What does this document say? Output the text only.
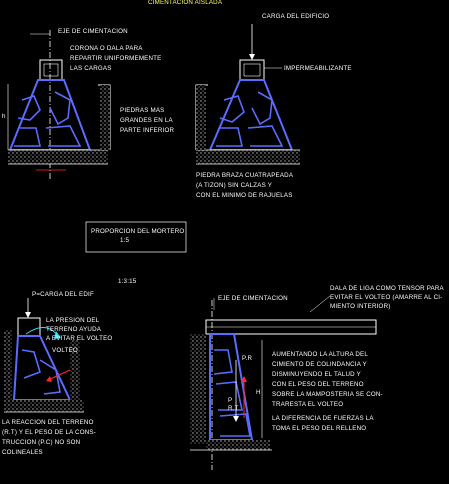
CIMENTACION AISLADA
h
EJE DE CIMENTACION
CORONA O DALA PARA
REPARTIR UNIFORMEMENTE
LAS CARGAS
PIEDRAS MAS
GRANDES EN LA
PARTE INFERIOR
CARGA DEL EDIFICIO
IMPERMEABILIZANTE
PIEDRA BRAZA CUATRAPEADA
(A TIZON) SIN CALZAS Y
CON EL MINIMO DE RAJUELAS
PROPORCION DEL MORTERO
1:5
1:3:15
P=CARGA DEL EDIF
LA PRESION DEL
TERRENO AYUDA
A EVITAR EL VOLTEO
VOLTEO
LA REACCION DEL TERRENO
(R.T) Y EL PESO DE LA CONS-
TRUCCION (P.C) NO SON
COLINEALES
EJE DE CIMENTACION
DALA DE LIGA COMO TENSOR PARA
EVITAR EL VOLTEO (AMARRE AL CI-
MIENTO INTERIOR)
P.R
H
P
R.T
AUMENTANDO LA ALTURA DEL
CIMIENTO DE COLINDANCIA Y
DISMINUYENDO EL TALUD Y
CON EL PESO DEL TERRENO
SOBRE LA MAMPOSTERIA SE CON-
TRARESTA EL VOLTEO
LA DIFERENCIA DE FUERZAS LA
TOMA EL PESO DEL RELLENO
